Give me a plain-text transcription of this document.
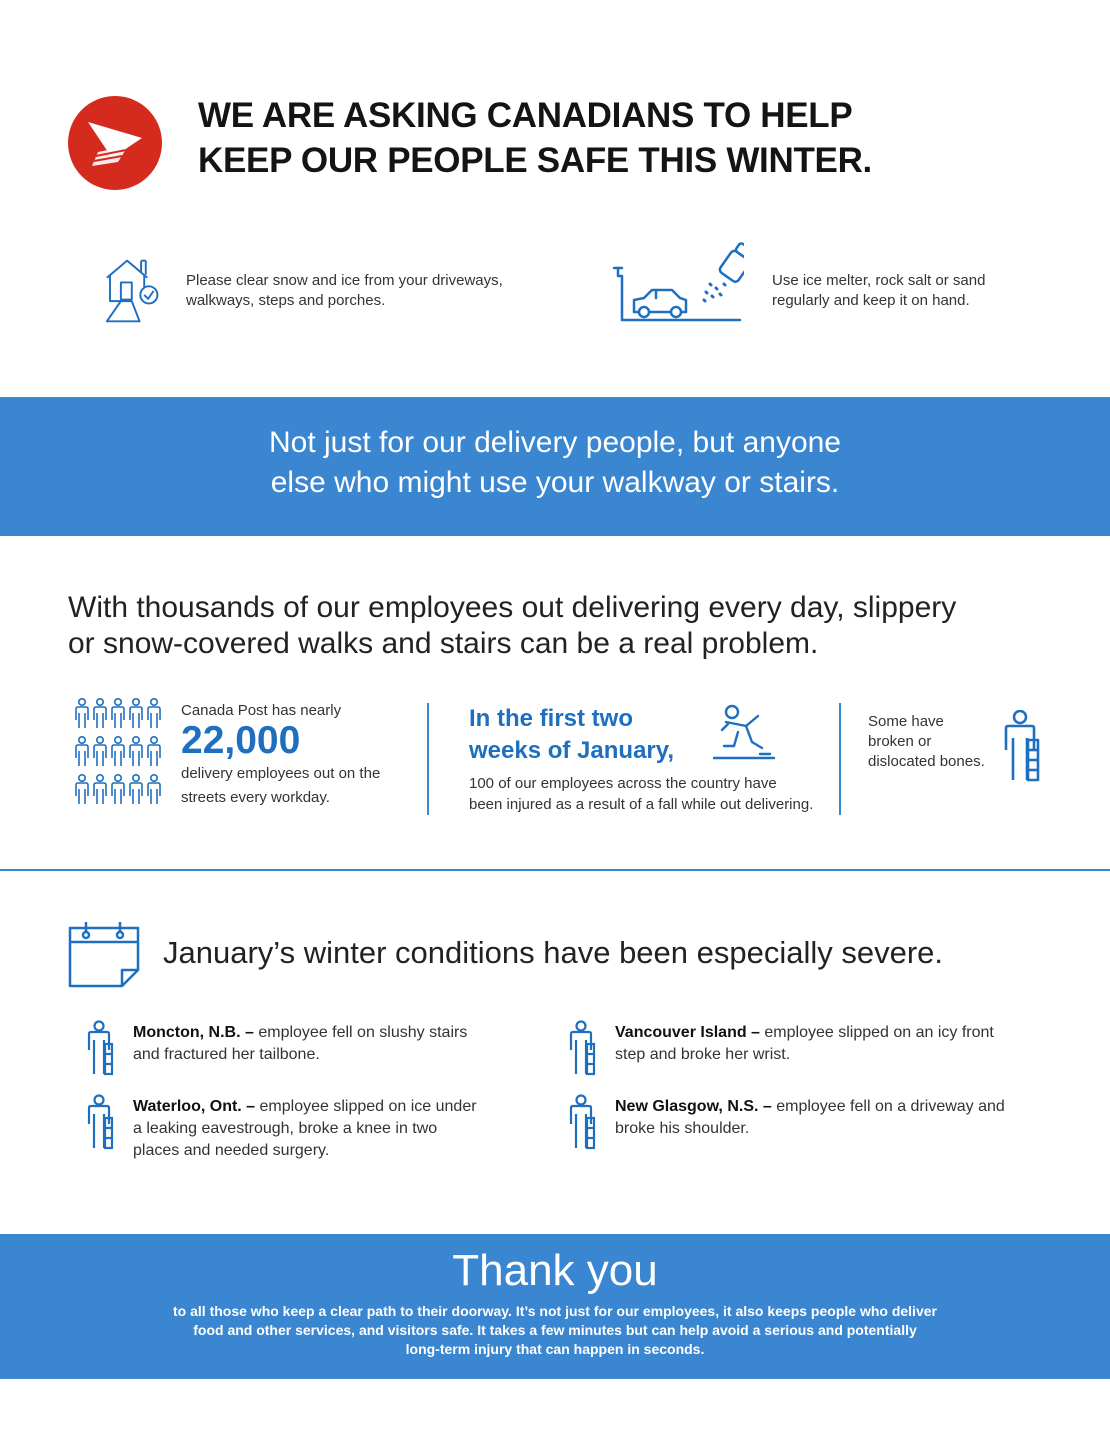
WE ARE ASKING CANADIANS TO HELP
KEEP OUR PEOPLE SAFE THIS WINTER.
Please clear snow and ice from your driveways,
walkways, steps and porches.
Use ice melter, rock salt or sand
regularly and keep it on hand.
Not just for our delivery people, but anyone
else who might use your walkway or stairs.
With thousands of our employees out delivering every day, slippery
or snow-covered walks and stairs can be a real problem.
Canada Post has nearly
22,000
delivery employees out on the
streets every workday.
In the first two
weeks of January,
100 of our employees across the country have
been injured as a result of a fall while out delivering.
Some have
broken or
dislocated bones.
January’s winter conditions have been especially severe.
Moncton, N.B. – employee fell on slushy stairs
and fractured her tailbone.
Vancouver Island – employee slipped on an icy front
step and broke her wrist.
Waterloo, Ont. – employee slipped on ice under
a leaking eavestrough, broke a knee in two
places and needed surgery.
New Glasgow, N.S. – employee fell on a driveway and
broke his shoulder.
Thank you
to all those who keep a clear path to their doorway. It’s not just for our employees, it also keeps people who deliver
food and other services, and visitors safe. It takes a few minutes but can help avoid a serious and potentially
long-term injury that can happen in seconds.
